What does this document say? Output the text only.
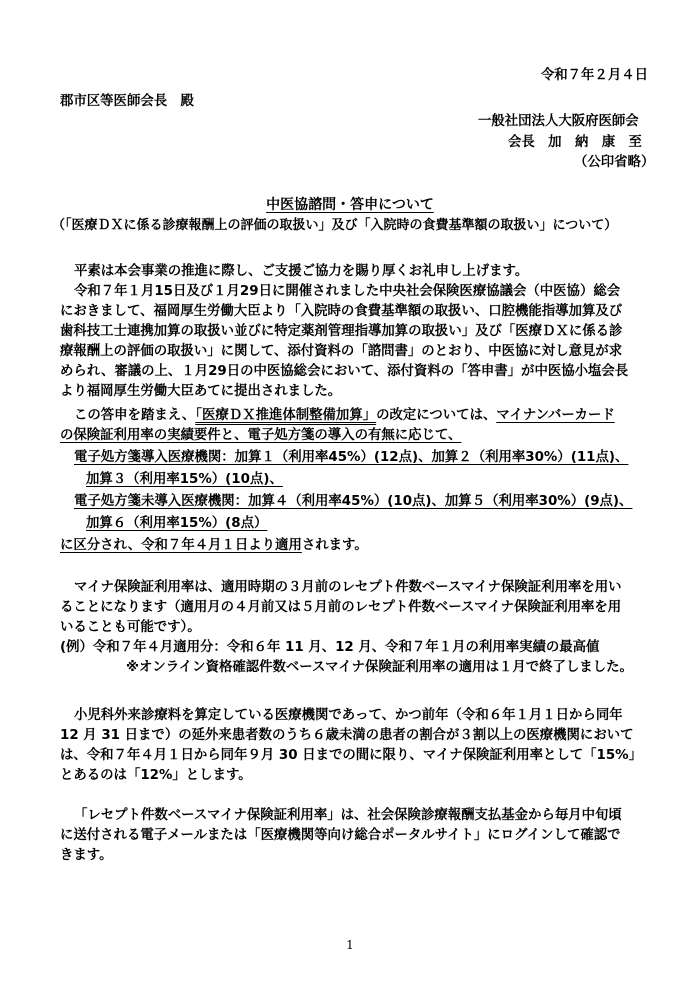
令和７年２月４日
郡市区等医師会長　殿
一般社団法人大阪府医師会
会長　加　納　康　至
（公印省略）
中医協諮問・答申について
（「医療ＤＸに係る診療報酬上の評価の取扱い」及び「入院時の食費基準額の取扱い」について）
平素は本会事業の推進に際し、ご支援ご協力を賜り厚くお礼申し上げます。
令和７年１月15日及び１月29日に開催されました中央社会保険医療協議会（中医協）総会
におきまして、福岡厚生労働大臣より「入院時の食費基準額の取扱い、口腔機能指導加算及び
歯科技工士連携加算の取扱い並びに特定薬剤管理指導加算の取扱い」及び「医療ＤＸに係る診
療報酬上の評価の取扱い」に関して、添付資料の「諮問書」のとおり、中医協に対し意見が求
められ、審議の上、１月29日の中医協総会において、添付資料の「答申書」が中医協小塩会長
より福岡厚生労働大臣あてに提出されました。
この答申を踏まえ、「医療ＤＸ推進体制整備加算」の改定については、マイナンバーカード
の保険証利用率の実績要件と、電子処方箋の導入の有無に応じて、
電子処方箋導入医療機関：加算１（利用率45%）(12点)、加算２（利用率30%）(11点)、
加算３（利用率15%）(10点)、
電子処方箋未導入医療機関：加算４（利用率45%）(10点)、加算５（利用率30%）(9点)、
加算６（利用率15%）(8点）
に区分され、令和７年４月１日より適用されます。
マイナ保険証利用率は、適用時期の３月前のレセプト件数ベースマイナ保険証利用率を用い
ることになります（適用月の４月前又は５月前のレセプト件数ベースマイナ保険証利用率を用
いることも可能です）。
(例）令和７年４月適用分：令和６年 11 月、12 月、令和７年１月の利用率実績の最高値
※オンライン資格確認件数ベースマイナ保険証利用率の適用は１月で終了しました。
小児科外来診療料を算定している医療機関であって、かつ前年（令和６年１月１日から同年
12 月 31 日まで）の延外来患者数のうち６歳未満の患者の割合が３割以上の医療機関において
は、令和７年４月１日から同年９月 30 日までの間に限り、マイナ保険証利用率として「15%」
とあるのは「12%」とします。
「レセプト件数ベースマイナ保険証利用率」は、社会保険診療報酬支払基金から毎月中旬頃
に送付される電子メールまたは「医療機関等向け総合ポータルサイト」にログインして確認で
きます。
1
